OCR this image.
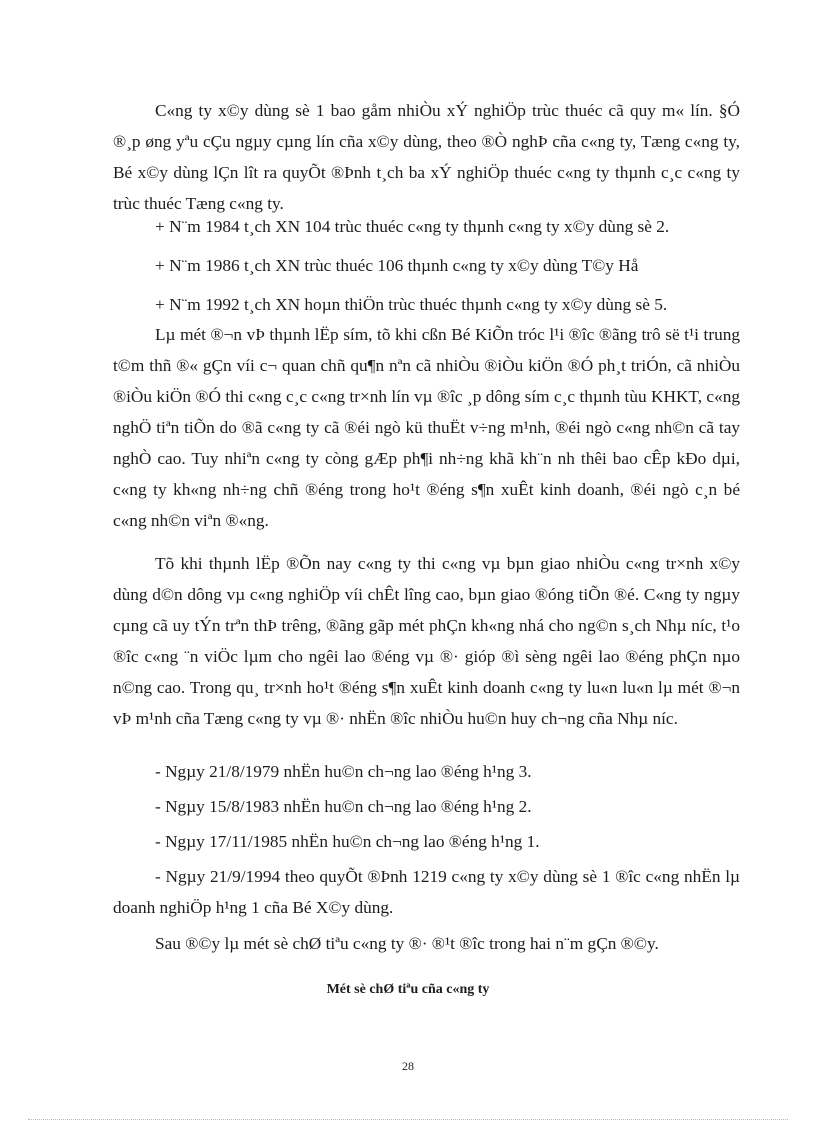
C«ng ty x©y dùng sè 1 bao gåm nhiÒu xÝ nghiÖp trùc thuéc cã quy m« lín. §Ó ®¸p øng yªu cÇu ngµy cµng lín cña x©y dùng, theo ®Ò nghÞ cña c«ng ty, Tæng c«ng ty, Bé x©y dùng lÇn lît ra quyÕt ®Þnh t¸ch ba xÝ nghiÖp thuéc c«ng ty thµnh c¸c c«ng ty trùc thuéc Tæng c«ng ty.

+ N¨m 1984 t¸ch XN 104 trùc thuéc c«ng ty thµnh c«ng ty x©y dùng sè 2.

+ N¨m 1986 t¸ch XN trùc thuéc 106 thµnh c«ng ty x©y dùng T©y Hå

+ N¨m 1992 t¸ch XN hoµn thiÖn trùc thuéc thµnh c«ng ty x©y dùng sè 5.

Lµ mét ®¬n vÞ thµnh lËp sím, tõ khi cßn Bé KiÕn tróc l¹i ®îc ®ãng trô së t¹i trung t©m thñ ®« gÇn víi c¬ quan chñ qu¶n nªn cã nhiÒu ®iÒu kiÖn ®Ó ph¸t triÓn, cã nhiÒu ®iÒu kiÖn ®Ó thi c«ng c¸c c«ng tr×nh lín vµ ®îc ¸p dông sím c¸c thµnh tùu KHKT, c«ng nghÖ tiªn tiÕn do ®ã c«ng ty cã ®éi ngò kü thuËt v÷ng m¹nh, ®éi ngò c«ng nh©n cã tay nghÒ cao. Tuy nhiªn c«ng ty còng gÆp ph¶i nh÷ng khã kh¨n nh thêi bao cÊp kÐo dµi, c«ng ty kh«ng nh÷ng chñ ®éng trong ho¹t ®éng s¶n xuÊt kinh doanh, ®éi ngò c¸n bé c«ng nh©n viªn ®«ng.

Tõ khi thµnh lËp ®Õn nay c«ng ty thi c«ng vµ bµn giao nhiÒu c«ng tr×nh x©y dùng d©n dông vµ c«ng nghiÖp víi chÊt lîng cao, bµn giao ®óng tiÕn ®é. C«ng ty ngµy cµng cã uy tÝn trªn thÞ trêng, ®ãng gãp mét phÇn kh«ng nhá cho ng©n s¸ch Nhµ níc, t¹o ®îc c«ng ¨n viÖc lµm cho ngêi lao ®éng vµ ®· gióp ®ì sèng ngêi lao ®éng phÇn nµo n©ng cao. Trong qu¸ tr×nh ho¹t ®éng s¶n xuÊt kinh doanh c«ng ty lu«n lu«n lµ mét ®¬n vÞ m¹nh cña Tæng c«ng ty vµ ®· nhËn ®îc nhiÒu hu©n huy ch¬ng cña Nhµ níc.

- Ngµy 21/8/1979 nhËn hu©n ch¬ng lao ®éng h¹ng 3.

- Ngµy 15/8/1983 nhËn hu©n ch¬ng lao ®éng h¹ng 2.

- Ngµy 17/11/1985 nhËn hu©n ch¬ng lao ®éng h¹ng 1.

- Ngµy 21/9/1994 theo quyÕt ®Þnh 1219 c«ng ty x©y dùng sè 1 ®îc c«ng nhËn lµ doanh nghiÖp h¹ng 1 cña Bé X©y dùng.

Sau ®©y lµ mét sè chØ tiªu c«ng ty ®· ®¹t ®îc trong hai n¨m gÇn ®©y.

Mét sè chØ tiªu cña c«ng ty

28
